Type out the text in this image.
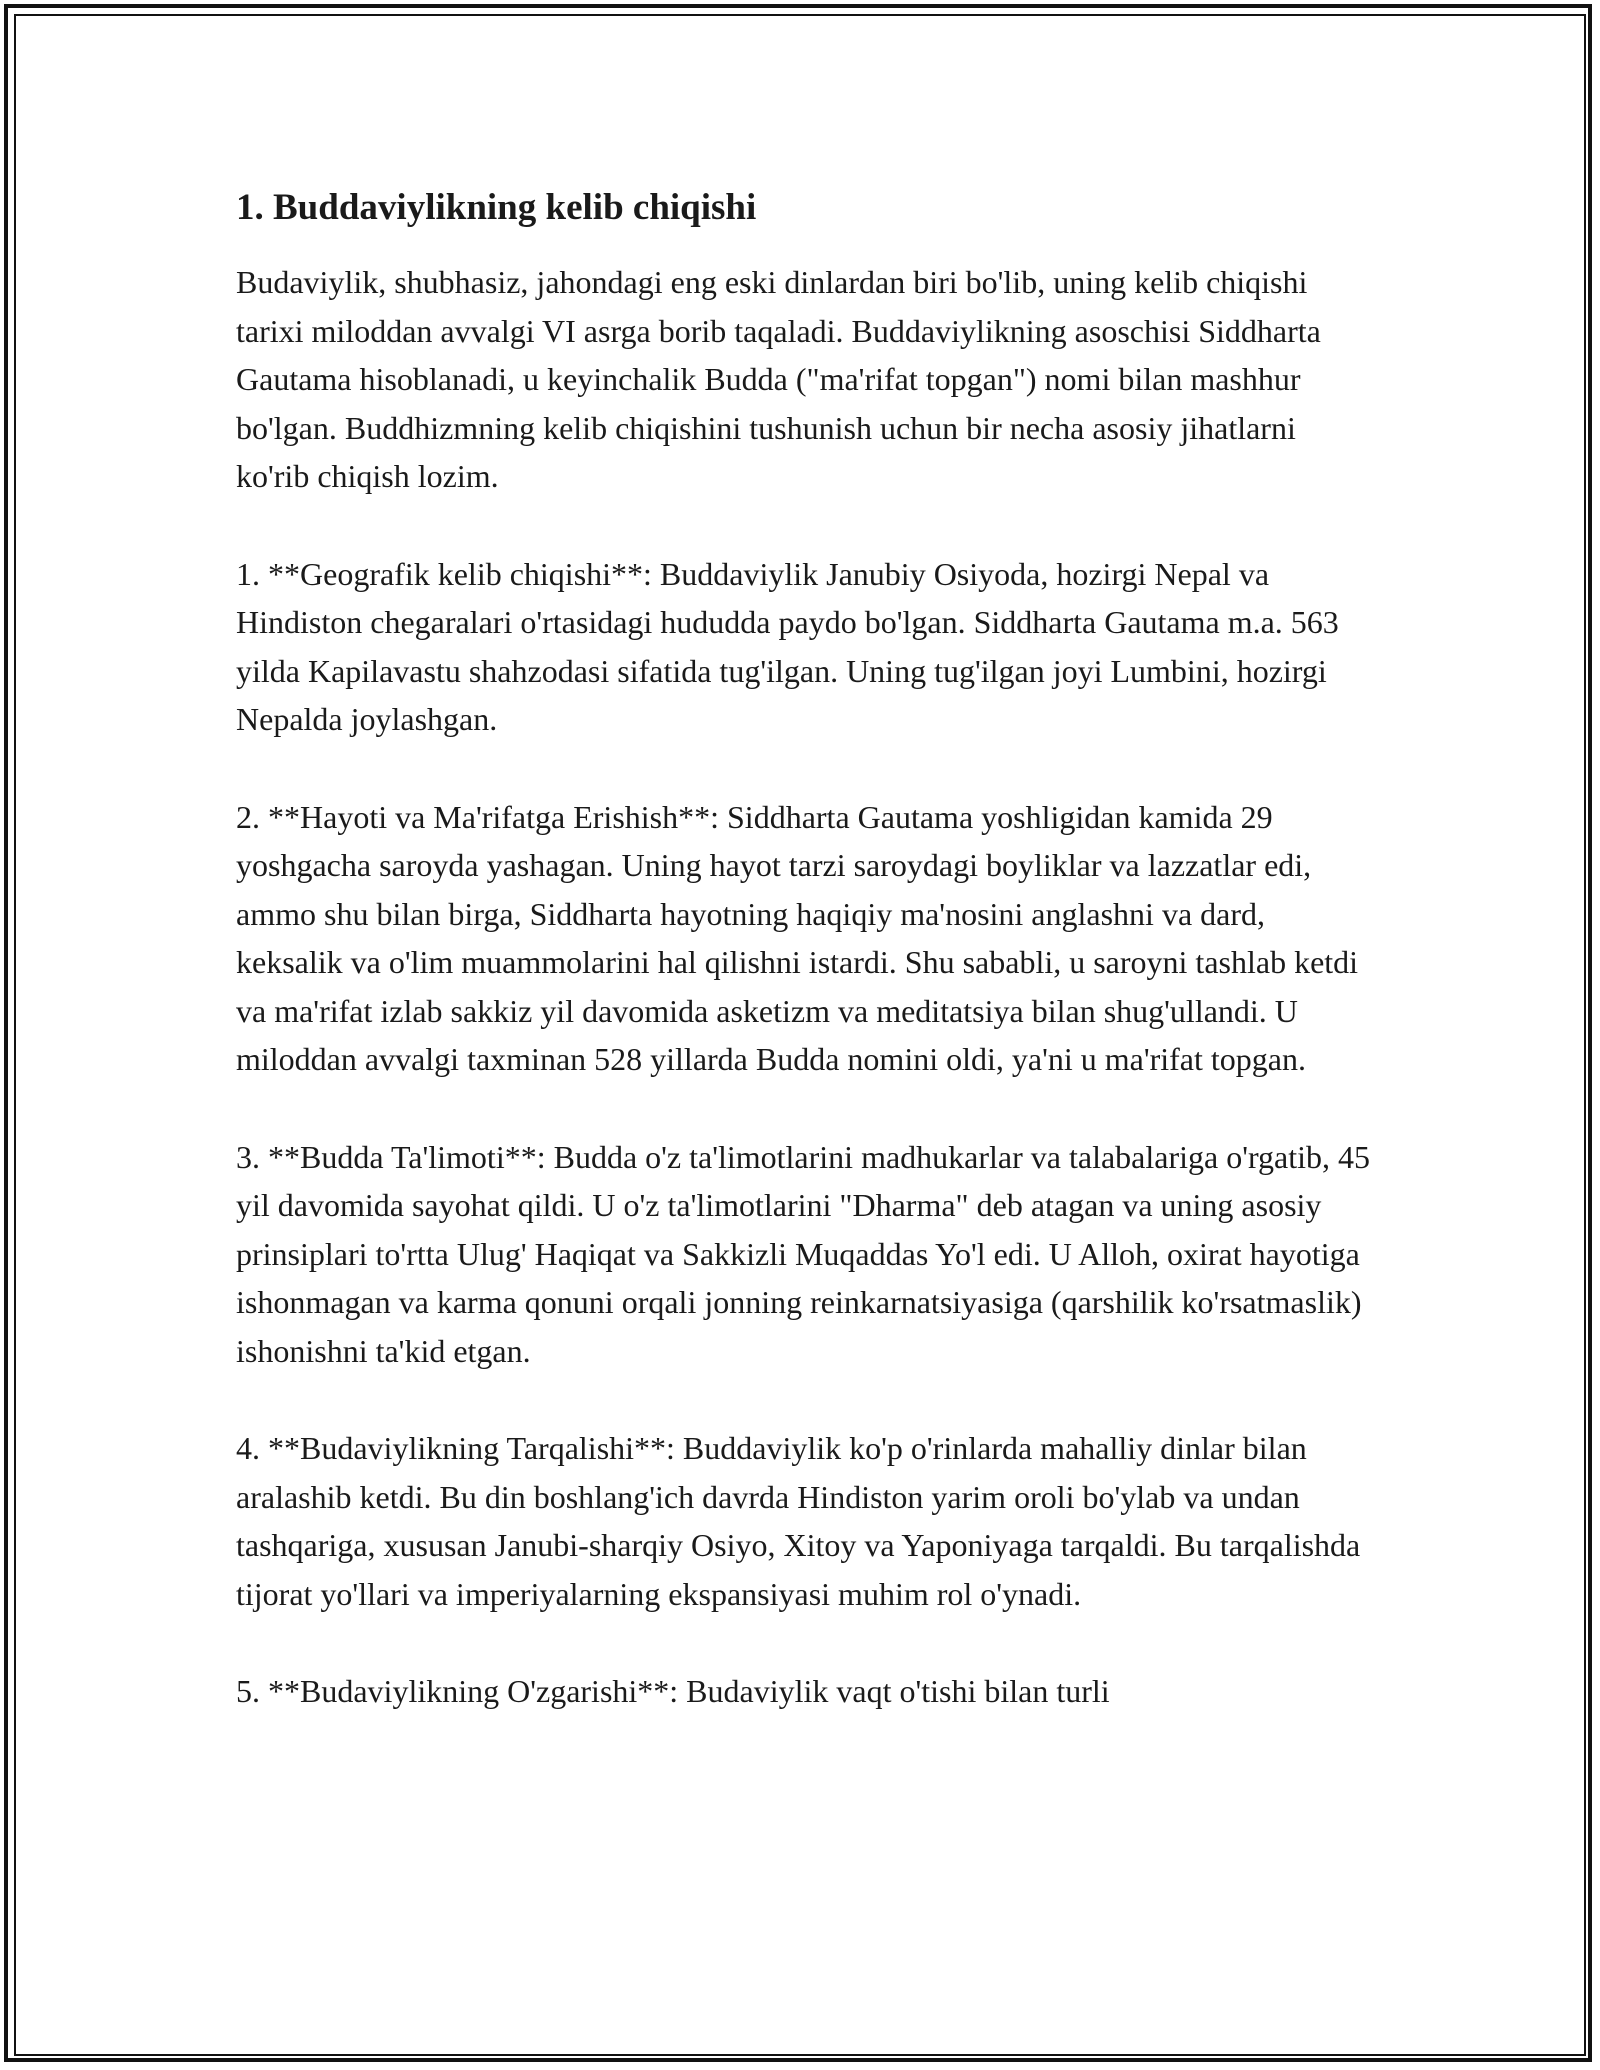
1. Buddaviylikning kelib chiqishi

Budaviylik, shubhasiz, jahondagi eng eski dinlardan biri bo'lib, uning kelib chiqishi tarixi miloddan avvalgi VI asrga borib taqaladi. Buddaviylikning asoschisi Siddharta Gautama hisoblanadi, u keyinchalik Budda ("ma'rifat topgan") nomi bilan mashhur bo'lgan. Buddhizmning kelib chiqishini tushunish uchun bir necha asosiy jihatlarni ko'rib chiqish lozim.

1. **Geografik kelib chiqishi**: Buddaviylik Janubiy Osiyoda, hozirgi Nepal va Hindiston chegaralari o'rtasidagi hududda paydo bo'lgan. Siddharta Gautama m.a. 563 yilda Kapilavastu shahzodasi sifatida tug'ilgan. Uning tug'ilgan joyi Lumbini, hozirgi Nepalda joylashgan.

2. **Hayoti va Ma'rifatga Erishish**: Siddharta Gautama yoshligidan kamida 29 yoshgacha saroyda yashagan. Uning hayot tarzi saroydagi boyliklar va lazzatlar edi, ammo shu bilan birga, Siddharta hayotning haqiqiy ma'nosini anglashni va dard, keksalik va o'lim muammolarini hal qilishni istardi. Shu sababli, u saroyni tashlab ketdi va ma'rifat izlab sakkiz yil davomida asketizm va meditatsiya bilan shug'ullandi. U miloddan avvalgi taxminan 528 yillarda Budda nomini oldi, ya'ni u ma'rifat topgan.

3. **Budda Ta'limoti**: Budda o'z ta'limotlarini madhukarlar va talabalariga o'rgatib, 45 yil davomida sayohat qildi. U o'z ta'limotlarini "Dharma" deb atagan va uning asosiy prinsiplari to'rtta Ulug' Haqiqat va Sakkizli Muqaddas Yo'l edi. U Alloh, oxirat hayotiga ishonmagan va karma qonuni orqali jonning reinkarnatsiyasiga (qarshilik ko'rsatmaslik) ishonishni ta'kid etgan.

4. **Budaviylikning Tarqalishi**: Buddaviylik ko'p o'rinlarda mahalliy dinlar bilan aralashib ketdi. Bu din boshlang'ich davrda Hindiston yarim oroli bo'ylab va undan tashqariga, xususan Janubi-sharqiy Osiyo, Xitoy va Yaponiyaga tarqaldi. Bu tarqalishda tijorat yo'llari va imperiyalarning ekspansiyasi muhim rol o'ynadi.

5. **Budaviylikning O'zgarishi**: Budaviylik vaqt o'tishi bilan turli
